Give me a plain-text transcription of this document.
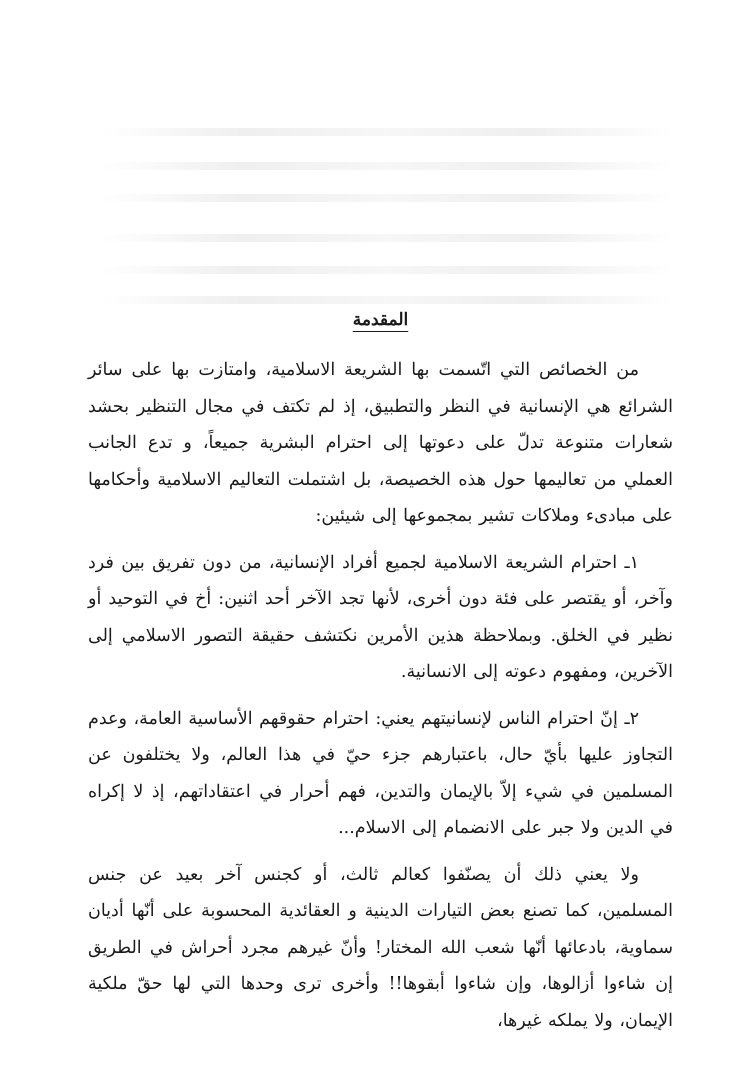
المقدمة

من الخصائص التي اتّسمت بها الشريعة الاسلامية، وامتازت بها على سائر الشرائع هي الإنسانية في النظر والتطبيق، إذ لم تكتف في مجال التنظير بحشد شعارات متنوعة تدلّ على دعوتها إلى احترام البشرية جميعاً، و تدع الجانب العملي من تعاليمها حول هذه الخصيصة، بل اشتملت التعاليم الاسلامية وأحكامها على مبادىء وملاكات تشير بمجموعها إلى شيئين:

١ـ احترام الشريعة الاسلامية لجميع أفراد الإنسانية، من دون تفريق بين فرد وآخر، أو يقتصر على فئة دون أخرى، لأنها تجد الآخر أحد اثنين: أخ في التوحيد أو نظير في الخلق. وبملاحظة هذين الأمرين نكتشف حقيقة التصور الاسلامي إلى الآخرين، ومفهوم دعوته إلى الانسانية.

٢ـ إنّ احترام الناس لإنسانيتهم يعني: احترام حقوقهم الأساسية العامة، وعدم التجاوز عليها بأيّ حال، باعتبارهم جزء حيّ في هذا العالم، ولا يختلفون عن المسلمين في شيء إلاّ بالإيمان والتدين، فهم أحرار في اعتقاداتهم، إذ لا إكراه في الدين ولا جبر على الانضمام إلى الاسلام...

ولا يعني ذلك أن يصنّفوا كعالم ثالث، أو كجنس آخر بعيد عن جنس المسلمين، كما تصنع بعض التيارات الدينية و العقائدية المحسوبة على أنّها أديان سماوية، بادعائها أنّها شعب الله المختار! وأنّ غيرهم مجرد أحراش في الطريق إن شاءوا أزالوها، وإن شاءوا أبقوها!! وأخرى ترى وحدها التي لها حقّ ملكية الإيمان، ولا يملكه غيرها،
